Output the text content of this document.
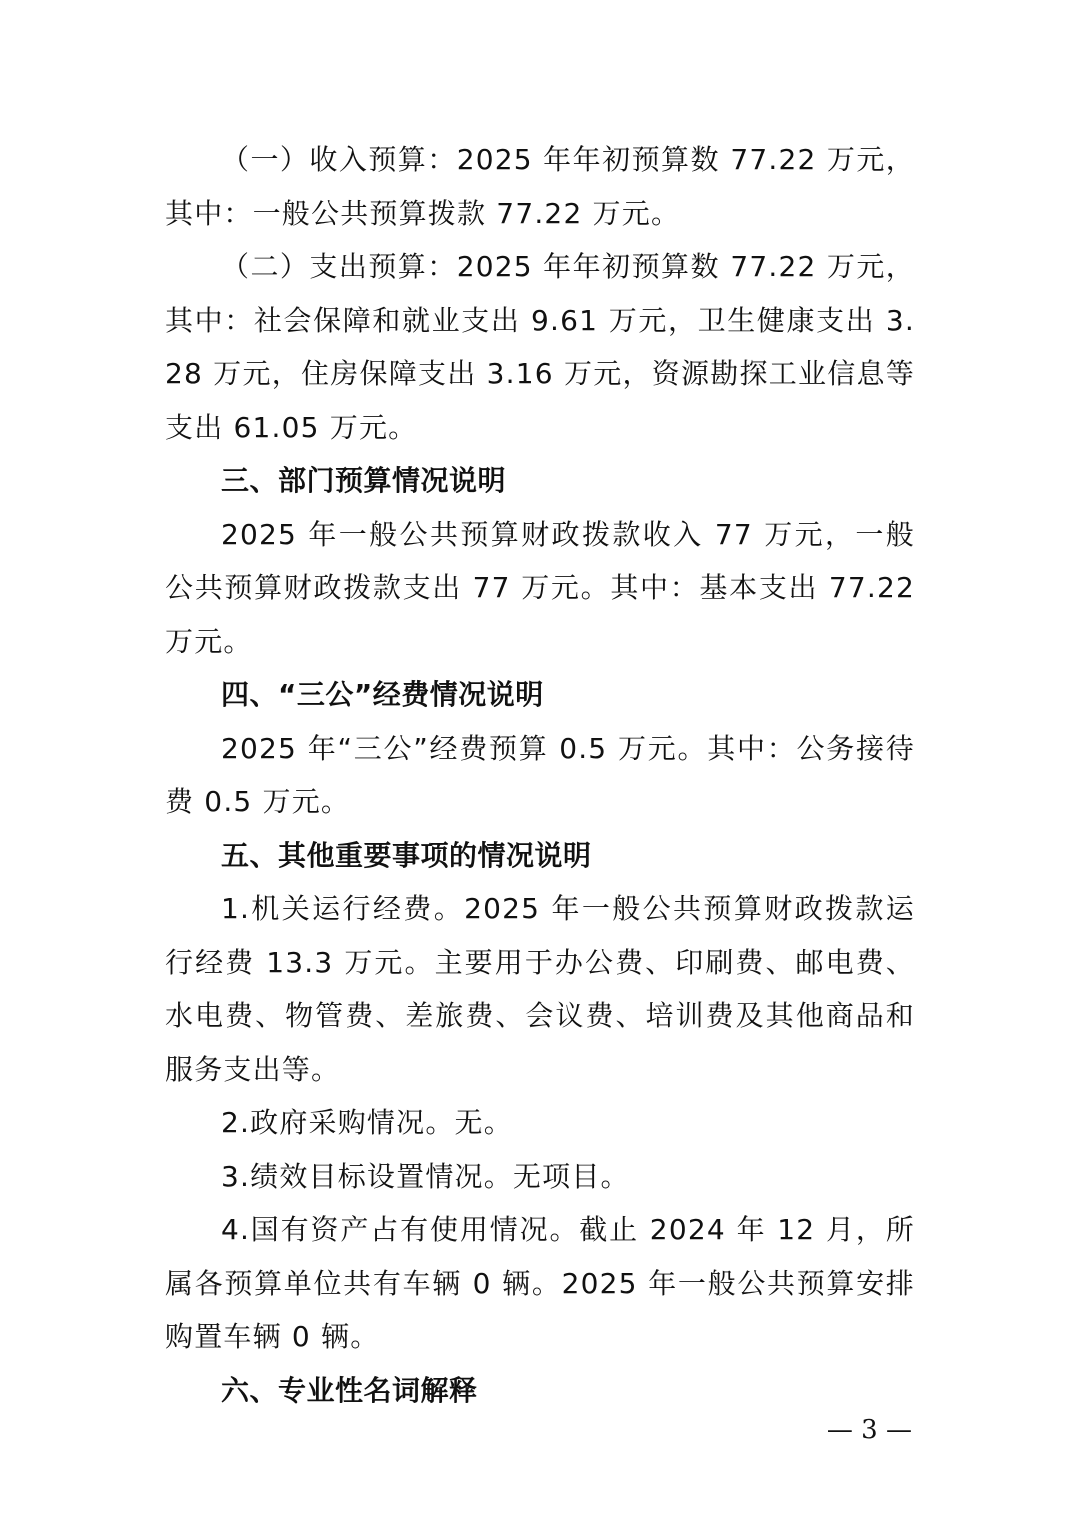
（一）收入预算：2025 年年初预算数 77.22 万元，其中：一般公共预算拨款 77.22 万元。

（二）支出预算：2025 年年初预算数 77.22 万元，其中：社会保障和就业支出 9.61 万元，卫生健康支出 3.28 万元，住房保障支出 3.16 万元，资源勘探工业信息等支出 61.05 万元。

三、部门预算情况说明

2025 年一般公共预算财政拨款收入 77 万元，一般公共预算财政拨款支出 77 万元。其中：基本支出 77.22 万元。

四、“三公”经费情况说明

2025 年“三公”经费预算 0.5 万元。其中：公务接待费 0.5 万元。

五、其他重要事项的情况说明

1.机关运行经费。2025 年一般公共预算财政拨款运行经费 13.3 万元。主要用于办公费、印刷费、邮电费、水电费、物管费、差旅费、会议费、培训费及其他商品和服务支出等。

2.政府采购情况。无。

3.绩效目标设置情况。无项目。

4.国有资产占有使用情况。截止 2024 年 12 月，所属各预算单位共有车辆 0 辆。2025 年一般公共预算安排购置车辆 0 辆。

六、专业性名词解释

— 3 —
